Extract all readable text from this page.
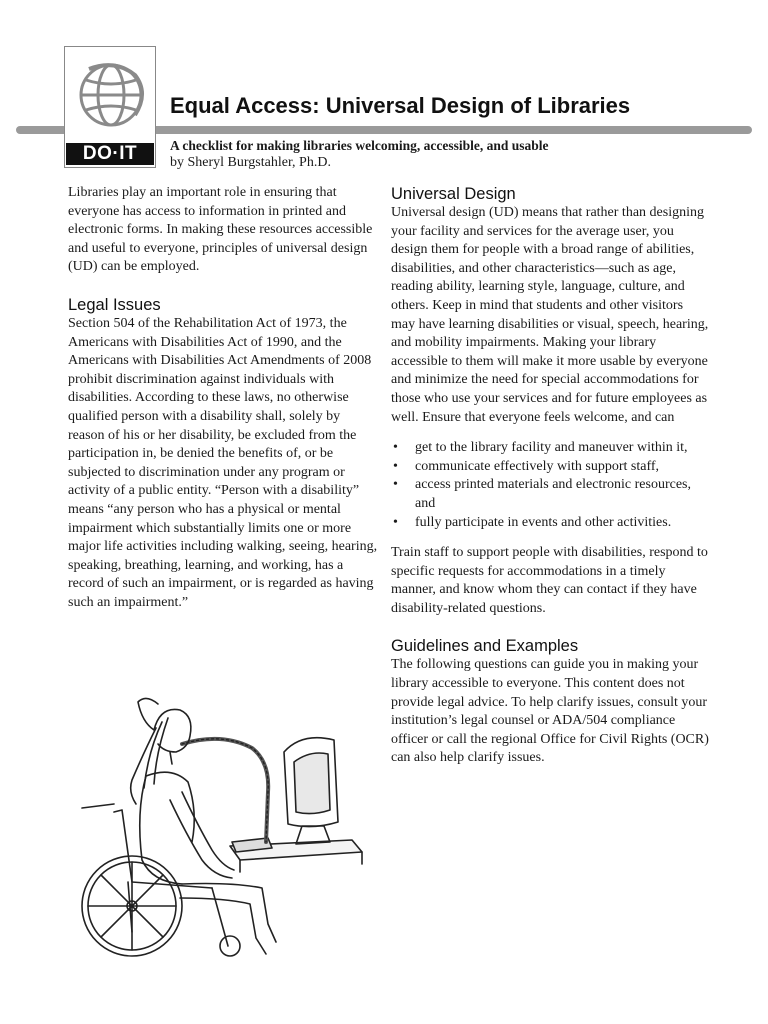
DO·IT
Equal Access: Universal Design of Libraries

A checklist for making libraries welcoming, accessible, and usable

by Sheryl Burgstahler, Ph.D.

Libraries play an important role in ensuring that everyone has access to information in printed and electronic forms. In making these resources accessible and useful to everyone, principles of universal design (UD) can be employed.

Legal Issues

Section 504 of the Rehabilitation Act of 1973, the Americans with Disabilities Act of 1990, and the Americans with Disabilities Act Amendments of 2008 prohibit discrimination against individuals with disabilities. According to these laws, no otherwise qualified person with a disability shall, solely by reason of his or her disability, be excluded from the participation in, be denied the benefits of, or be subjected to discrimination under any program or activity of a public entity. “Person with a disability” means “any person who has a physical or mental impairment which substantially limits one or more major life activities including walking, seeing, hearing, speaking, breathing, learning, and working, has a record of such an impairment, or is regarded as having such an impairment.”

Universal Design

Universal design (UD) means that rather than designing your facility and services for the average user, you design them for people with a broad range of abilities, disabilities, and other characteristics—such as age, reading ability, learning style, language, culture, and others. Keep in mind that students and other visitors may have learning disabilities or visual, speech, hearing, and mobility impairments. Making your library accessible to them will make it more usable by everyone and minimize the need for special accommodations for those who use your services and for future employees as well. Ensure that everyone feels welcome, and can

• get to the library facility and maneuver within it,
• communicate effectively with support staff,
• access printed materials and electronic resources, and
• fully participate in events and other activities.

Train staff to support people with disabilities, respond to specific requests for accommodations in a timely manner, and know whom they can contact if they have disability-related questions.

Guidelines and Examples

The following questions can guide you in making your library accessible to everyone. This content does not provide legal advice. To help clarify issues, consult your institution’s legal counsel or ADA/504 compliance officer or call the regional Office for Civil Rights (OCR) can also help clarify issues.
